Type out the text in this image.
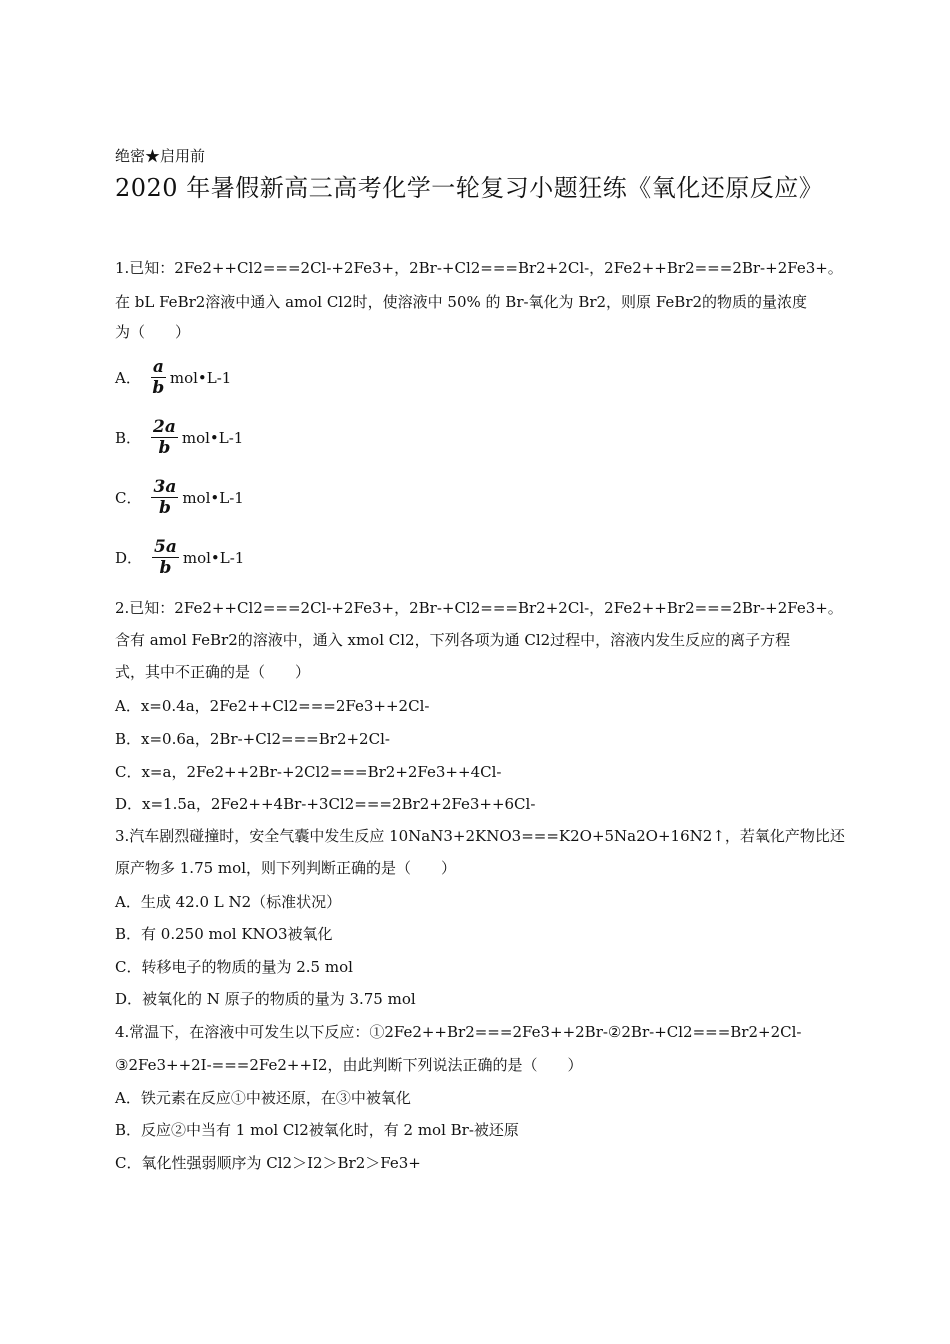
绝密★启用前
2020 年暑假新高三高考化学一轮复习小题狂练《氧化还原反应》
1.已知：2Fe2++Cl2===2Cl-+2Fe3+，2Br-+Cl2===Br2+2Cl-，2Fe2++Br2===2Br-+2Fe3+。
在 bL FeBr2溶液中通入 amol Cl2时，使溶液中 50% 的 Br-氧化为 Br2，则原 FeBr2的物质的量浓度
为（　　）
A． $\frac{a}{b}$ mol•L-1
B． $\frac{2a}{b}$ mol•L-1
C． $\frac{3a}{b}$ mol•L-1
D． $\frac{5a}{b}$ mol•L-1
2.已知：2Fe2++Cl2===2Cl-+2Fe3+，2Br-+Cl2===Br2+2Cl-，2Fe2++Br2===2Br-+2Fe3+。
含有 amol FeBr2的溶液中，通入 xmol Cl2，下列各项为通 Cl2过程中，溶液内发生反应的离子方程
式，其中不正确的是（　　）
A．x=0.4a，2Fe2++Cl2===2Fe3++2Cl-
B．x=0.6a，2Br-+Cl2===Br2+2Cl-
C．x=a，2Fe2++2Br-+2Cl2===Br2+2Fe3++4Cl-
D．x=1.5a，2Fe2++4Br-+3Cl2===2Br2+2Fe3++6Cl-
3.汽车剧烈碰撞时，安全气囊中发生反应 10NaN3+2KNO3===K2O+5Na2O+16N2↑，若氧化产物比还
原产物多 1.75 mol，则下列判断正确的是（　　）
A．生成 42.0 L N2（标准状况）
B．有 0.250 mol KNO3被氧化
C．转移电子的物质的量为 2.5 mol
D．被氧化的 N 原子的物质的量为 3.75 mol
4.常温下，在溶液中可发生以下反应：①2Fe2++Br2===2Fe3++2Br-②2Br-+Cl2===Br2+2Cl-
③2Fe3++2I-===2Fe2++I2，由此判断下列说法正确的是（　　）
A．铁元素在反应①中被还原，在③中被氧化
B．反应②中当有 1 mol Cl2被氧化时，有 2 mol Br-被还原
C．氧化性强弱顺序为 Cl2＞I2＞Br2＞Fe3+
